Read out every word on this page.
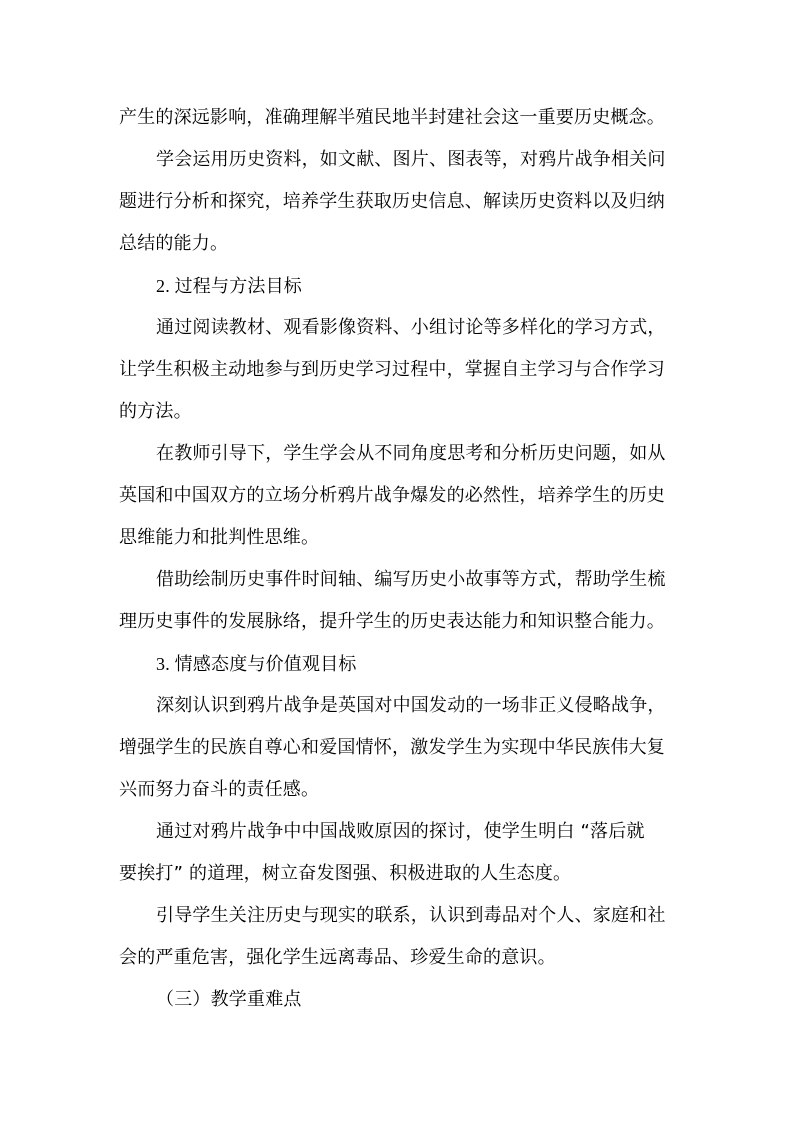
产生的深远影响，准确理解半殖民地半封建社会这一重要历史概念。
学会运用历史资料，如文献、图片、图表等，对鸦片战争相关问
题进行分析和探究，培养学生获取历史信息、解读历史资料以及归纳
总结的能力。
2. 过程与方法目标
通过阅读教材、观看影像资料、小组讨论等多样化的学习方式，
让学生积极主动地参与到历史学习过程中，掌握自主学习与合作学习
的方法。
在教师引导下，学生学会从不同角度思考和分析历史问题，如从
英国和中国双方的立场分析鸦片战争爆发的必然性，培养学生的历史
思维能力和批判性思维。
借助绘制历史事件时间轴、编写历史小故事等方式，帮助学生梳
理历史事件的发展脉络，提升学生的历史表达能力和知识整合能力。
3. 情感态度与价值观目标
深刻认识到鸦片战争是英国对中国发动的一场非正义侵略战争，
增强学生的民族自尊心和爱国情怀，激发学生为实现中华民族伟大复
兴而努力奋斗的责任感。
通过对鸦片战争中中国战败原因的探讨，使学生明白 “落后就
要挨打” 的道理，树立奋发图强、积极进取的人生态度。
引导学生关注历史与现实的联系，认识到毒品对个人、家庭和社
会的严重危害，强化学生远离毒品、珍爱生命的意识。
（三）教学重难点
